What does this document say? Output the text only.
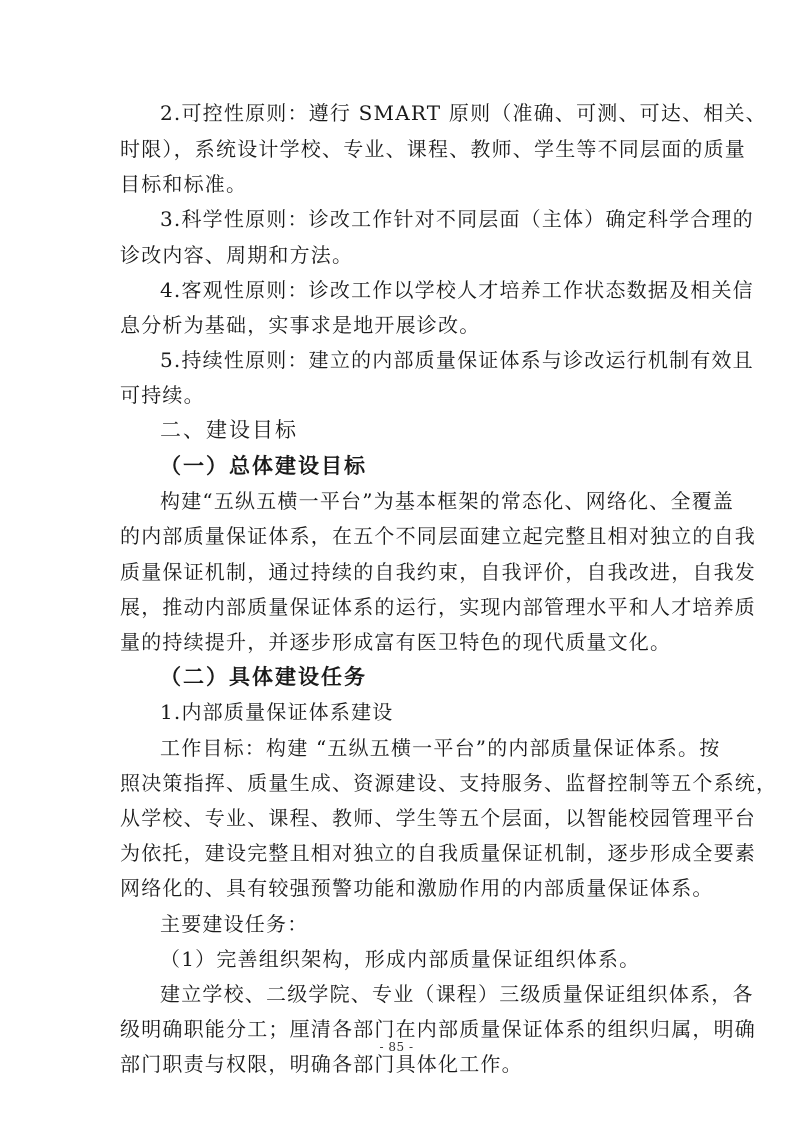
2.可控性原则：遵行 SMART 原则（准确、可测、可达、相关、
时限），系统设计学校、专业、课程、教师、学生等不同层面的质量
目标和标准。
3.科学性原则：诊改工作针对不同层面（主体）确定科学合理的
诊改内容、周期和方法。
4.客观性原则：诊改工作以学校人才培养工作状态数据及相关信
息分析为基础，实事求是地开展诊改。
5.持续性原则：建立的内部质量保证体系与诊改运行机制有效且
可持续。
二、建设目标
（一）总体建设目标
构建“五纵五横一平台”为基本框架的常态化、网络化、全覆盖
的内部质量保证体系，在五个不同层面建立起完整且相对独立的自我
质量保证机制，通过持续的自我约束，自我评价，自我改进，自我发
展，推动内部质量保证体系的运行，实现内部管理水平和人才培养质
量的持续提升，并逐步形成富有医卫特色的现代质量文化。
（二）具体建设任务
1.内部质量保证体系建设
工作目标：构建 “五纵五横一平台”的内部质量保证体系。按
照决策指挥、质量生成、资源建设、支持服务、监督控制等五个系统，
从学校、专业、课程、教师、学生等五个层面，以智能校园管理平台
为依托，建设完整且相对独立的自我质量保证机制，逐步形成全要素
网络化的、具有较强预警功能和激励作用的内部质量保证体系。
主要建设任务：
（1）完善组织架构，形成内部质量保证组织体系。
建立学校、二级学院、专业（课程）三级质量保证组织体系，各
级明确职能分工；厘清各部门在内部质量保证体系的组织归属，明确
部门职责与权限，明确各部门具体化工作。
- 85 -
